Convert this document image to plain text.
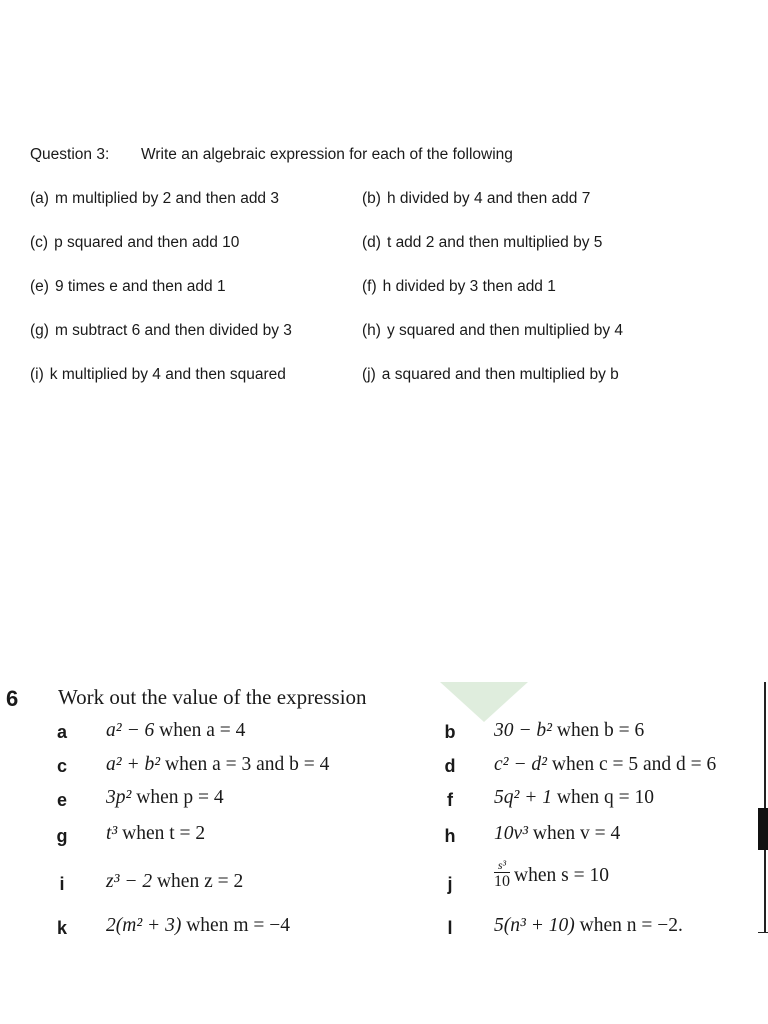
Question 3: Write an algebraic expression for each of the following
(a) m multiplied by 2 and then add 3	(b) h divided by 4 and then add 7
(c) p squared and then add 10	(d) t add 2 and then multiplied by 5
(e) 9 times e and then add 1	(f) h divided by 3 then add 1
(g) m subtract 6 and then divided by 3	(h) y squared and then multiplied by 4
(i) k multiplied by 4 and then squared	(j) a squared and then multiplied by b
6 Work out the value of the expression
a a² − 6 when a = 4	b 30 − b² when b = 6
c a² + b² when a = 3 and b = 4	d c² − d² when c = 5 and d = 6
e 3p² when p = 4	f	5q² + 1 when q = 10
g t³ when t = 2	h 10v³ when v = 4
i	z³ − 2 when z = 2	j	$\frac{\text{s³}}{10}$ when s = 10
k 2(m² + 3) when m = −4	l	5(n³ + 10) when n = −2.
